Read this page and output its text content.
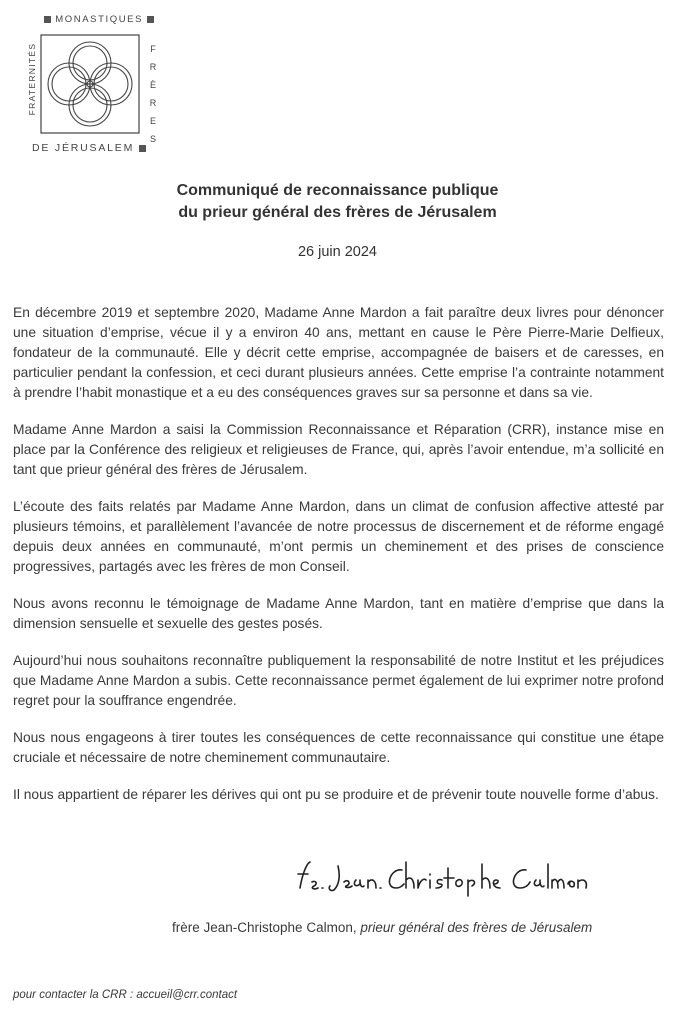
MONASTIQUES
FRATERNITÉS	F
R
È
R
E
S
DE JÉRUSALEM
Communiqué de reconnaissance publique
du prieur général des frères de Jérusalem
26 juin 2024

En décembre 2019 et septembre 2020, Madame Anne Mardon a fait paraître deux livres pour dénoncer une situation d’emprise, vécue il y a environ 40 ans, mettant en cause le Père Pierre-Marie Delfieux, fondateur de la communauté. Elle y décrit cette emprise, accompagnée de baisers et de caresses, en particulier pendant la confession, et ceci durant plusieurs années. Cette emprise l’a contrainte notamment à prendre l’habit monastique et a eu des conséquences graves sur sa personne et dans sa vie.

Madame Anne Mardon a saisi la Commission Reconnaissance et Réparation (CRR), instance mise en place par la Conférence des religieux et religieuses de France, qui, après l’avoir entendue, m’a sollicité en tant que prieur général des frères de Jérusalem.

L’écoute des faits relatés par Madame Anne Mardon, dans un climat de confusion affective attesté par plusieurs témoins, et parallèlement l’avancée de notre processus de discernement et de réforme engagé depuis deux années en communauté, m’ont permis un cheminement et des prises de conscience progressives, partagés avec les frères de mon Conseil.

Nous avons reconnu le témoignage de Madame Anne Mardon, tant en matière d’emprise que dans la dimension sensuelle et sexuelle des gestes posés.

Aujourd’hui nous souhaitons reconnaître publiquement la responsabilité de notre Institut et les préjudices que Madame Anne Mardon a subis. Cette reconnaissance permet également de lui exprimer notre profond regret pour la souffrance engendrée.

Nous nous engageons à tirer toutes les conséquences de cette reconnaissance qui constitue une étape cruciale et nécessaire de notre cheminement communautaire.

Il nous appartient de réparer les dérives qui ont pu se produire et de prévenir toute nouvelle forme d’abus.

frère Jean-Christophe Calmon, prieur général des frères de Jérusalem
pour contacter la CRR : accueil@crr.contact
